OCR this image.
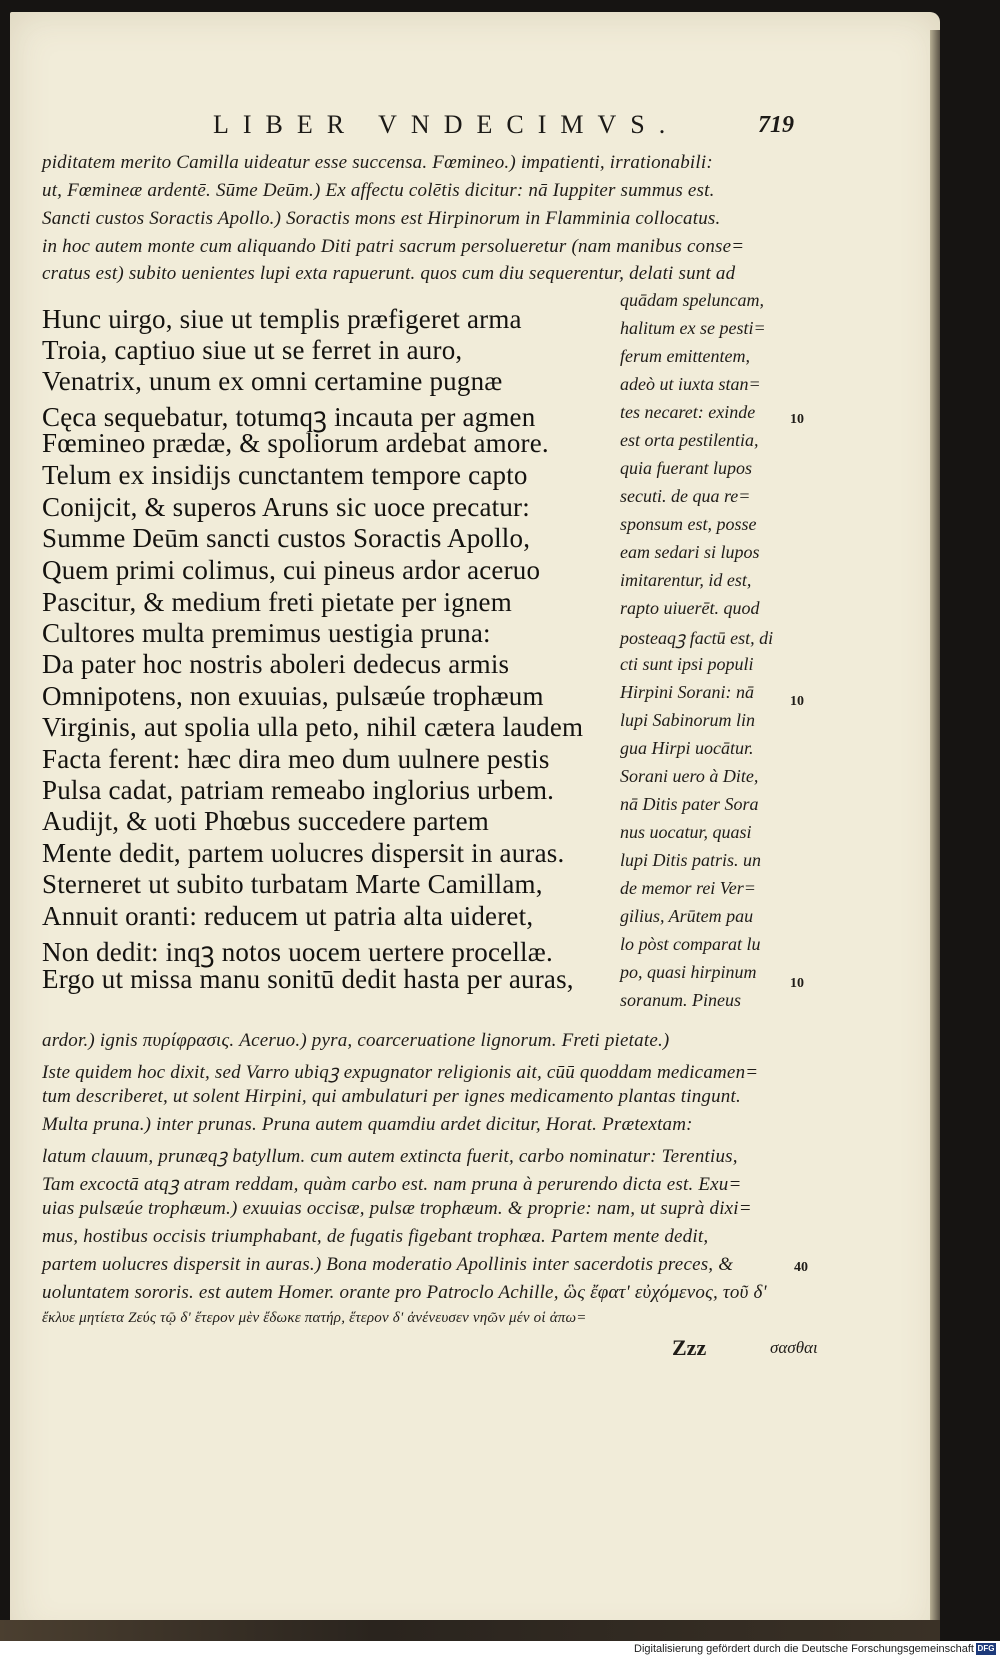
LIBER VNDECIMVS.	719
piditatem merito Camilla uideatur esse succensa. Fœmineo.) impatienti, irrationabili:
ut, Fœmineæ ardentē. Sūme Deūm.) Ex affectu colētis dicitur: nā Iuppiter summus est.
Sancti custos Soractis Apollo.) Soractis mons est Hirpinorum in Flamminia collocatus.
in hoc autem monte cum aliquando Diti patri sacrum persolueretur (nam manibus conse=
cratus est) subito uenientes lupi exta rapuerunt. quos cum diu sequerentur, delati sunt ad
Hunc uirgo, siue ut templis præfigeret arma
Troia, captiuo siue ut se ferret in auro,
Venatrix, unum ex omni certamine pugnæ
Cęca sequebatur, totumqꝫ incauta per agmen
Fœmineo prædæ, & spoliorum ardebat amore.
Telum ex insidijs cunctantem tempore capto
Conijcit, & superos Aruns sic uoce precatur:
Summe Deūm sancti custos Soractis Apollo,
Quem primi colimus, cui pineus ardor aceruo
Pascitur, & medium freti pietate per ignem
Cultores multa premimus uestigia pruna:
Da pater hoc nostris aboleri dedecus armis
Omnipotens, non exuuias, pulsæúe trophæum
Virginis, aut spolia ulla peto, nihil cætera laudem
Facta ferent: hæc dira meo dum uulnere pestis
Pulsa cadat, patriam remeabo inglorius urbem.
Audijt, & uoti Phœbus succedere partem
Mente dedit, partem uolucres dispersit in auras.
Sterneret ut subito turbatam Marte Camillam,
Annuit oranti: reducem ut patria alta uideret,
Non dedit: inqꝫ notos uocem uertere procellæ.
Ergo ut missa manu sonitū dedit hasta per auras,
quādam speluncam,
halitum ex se pesti=
ferum emittentem,
adeò ut iuxta stan=
tes necaret: exinde
est orta pestilentia,
quia fuerant lupos
secuti. de qua re=
sponsum est, posse
eam sedari si lupos
imitarentur, id est,
rapto uiuerēt. quod
posteaqꝫ factū est, di
cti sunt ipsi populi
Hirpini Sorani: nā
lupi Sabinorum lin
gua Hirpi uocātur.
Sorani uero à Dite,
nā Ditis pater Sora
nus uocatur, quasi
lupi Ditis patris. un
de memor rei Ver=
gilius, Arūtem pau
lo pòst comparat lu
po, quasi hirpinum
soranum. Pineus
10
10
10
ardor.) ignis πυρίφρασις. Aceruo.) pyra, coarceruatione lignorum. Freti pietate.)
Iste quidem hoc dixit, sed Varro ubiqꝫ expugnator religionis ait, cūū quoddam medicamen=
tum describeret, ut solent Hirpini, qui ambulaturi per ignes medicamento plantas tingunt.
Multa pruna.) inter prunas. Pruna autem quamdiu ardet dicitur, Horat. Prætextam:
latum clauum, prunæqꝫ batyllum. cum autem extincta fuerit, carbo nominatur: Terentius,
Tam excoctā atqꝫ atram reddam, quàm carbo est. nam pruna à perurendo dicta est. Exu=
uias pulsæúe trophæum.) exuuias occisæ, pulsæ trophæum. & proprie: nam, ut suprà dixi=
mus, hostibus occisis triumphabant, de fugatis figebant trophæa. Partem mente dedit,
partem uolucres dispersit in auras.) Bona moderatio Apollinis inter sacerdotis preces, &
uoluntatem sororis. est autem Homer. orante pro Patroclo Achille, ὣς ἔφατ' εὐχόμενος, τοῦ δ'
ἔκλυε μητίετα Ζεύς τῷ δ' ἕτερον μὲν ἔδωκε πατήρ, ἕτερον δ' ἀνένευσεν νηῶν μέν οἱ ἀπω=
40
Zzz	σασθαι
Digitalisierung gefördert durch die Deutsche Forschungsgemeinschaft DFG
